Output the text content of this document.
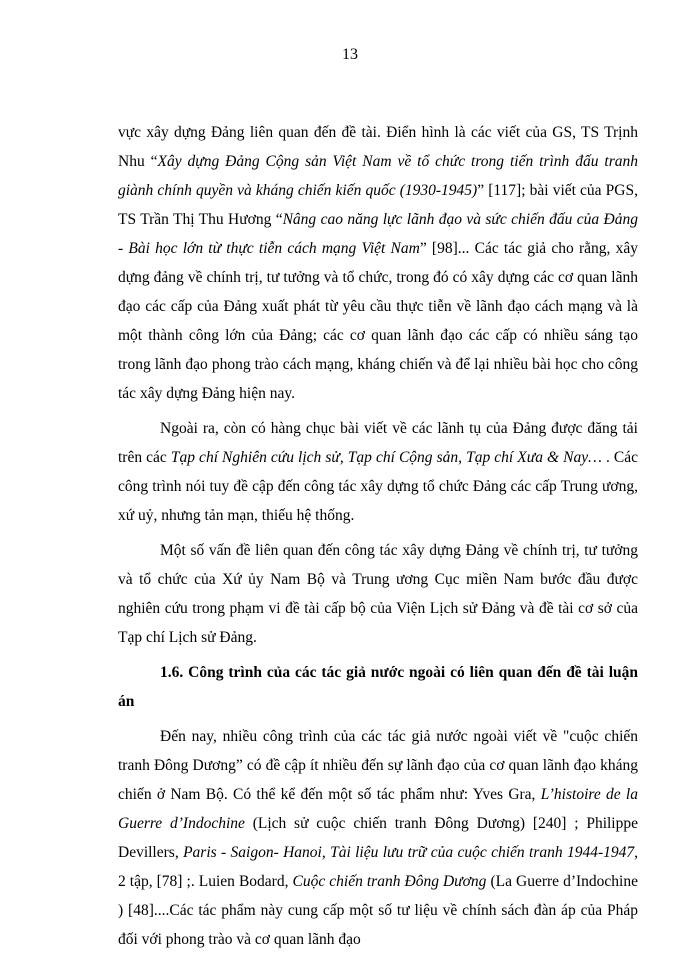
13

vực xây dựng Đảng liên quan đến đề tài. Điển hình là các viết của GS, TS Trịnh Nhu “Xây dựng Đảng Cộng sản Việt Nam về tổ chức trong tiến trình đấu tranh giành chính quyền và kháng chiến kiến quốc (1930-1945)” [117]; bài viết của PGS, TS Trần Thị Thu Hương “Nâng cao năng lực lãnh đạo và sức chiến đấu của Đảng - Bài học lớn từ thực tiễn cách mạng Việt Nam” [98]... Các tác giả cho rằng, xây dựng đảng về chính trị, tư tưởng và tổ chức, trong đó có xây dựng các cơ quan lãnh đạo các cấp của Đảng xuất phát từ yêu cầu thực tiễn về lãnh đạo cách mạng và là một thành công lớn của Đảng; các cơ quan lãnh đạo các cấp có nhiều sáng tạo trong lãnh đạo phong trào cách mạng, kháng chiến và để lại nhiều bài học cho công tác xây dựng Đảng hiện nay.

Ngoài ra, còn có hàng chục bài viết về các lãnh tụ của Đảng được đăng tải trên các Tạp chí Nghiên cứu lịch sử, Tạp chí Cộng sản, Tạp chí Xưa & Nay… . Các công trình nói tuy đề cập đến công tác xây dựng tổ chức Đảng các cấp Trung ương, xứ uỷ, nhưng tản mạn, thiếu hệ thống.

Một số vấn đề liên quan đến công tác xây dựng Đảng về chính trị, tư tưởng và tổ chức của Xứ ủy Nam Bộ và Trung ương Cục miền Nam bước đầu được nghiên cứu trong phạm vi đề tài cấp bộ của Viện Lịch sử Đảng và đề tài cơ sở của Tạp chí Lịch sử Đảng.

1.6. Công trình của các tác giả nước ngoài có liên quan đến đề tài luận án

Đến nay, nhiều công trình của các tác giả nước ngoài viết về "cuộc chiến tranh Đông Dương” có đề cập ít nhiều đến sự lãnh đạo của cơ quan lãnh đạo kháng chiến ở Nam Bộ. Có thể kể đến một số tác phẩm như: Yves Gra, L’histoire de la Guerre d’Indochine (Lịch sử cuộc chiến tranh Đông Dương) [240] ; Philippe Devillers, Paris - Saigon- Hanoi, Tài liệu lưu trữ của cuộc chiến tranh 1944-1947, 2 tập, [78] ;. Luien Bodard, Cuộc chiến tranh Đông Dương (La Guerre d’Indochine ) [48]....Các tác phẩm này cung cấp một số tư liệu về chính sách đàn áp của Pháp đối với phong trào và cơ quan lãnh đạo
